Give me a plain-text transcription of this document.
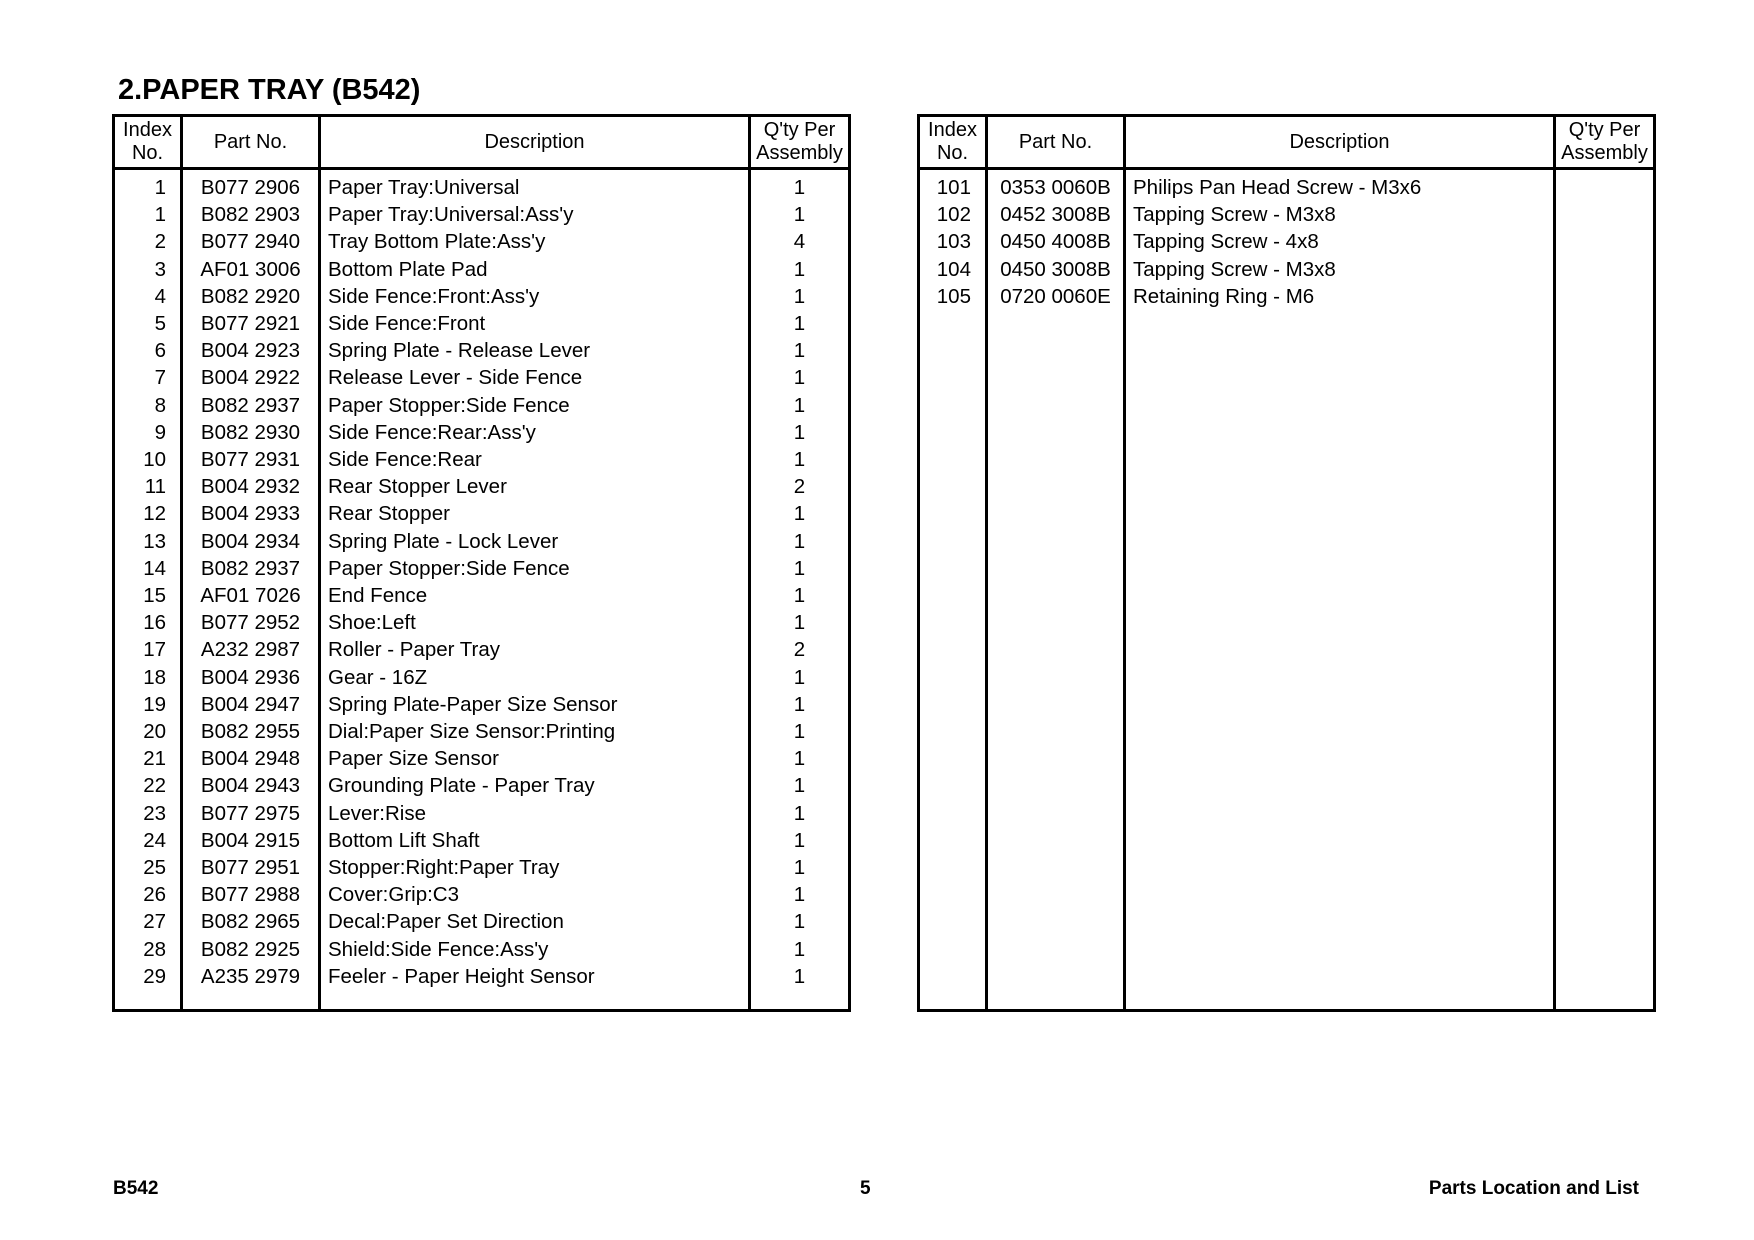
2.PAPER TRAY (B542)
Index
No.	Part No.	Description	Q'ty Per
Assembly
1	B077 2906	Paper Tray:Universal	1
1	B082 2903	Paper Tray:Universal:Ass'y	1
2	B077 2940	Tray Bottom Plate:Ass'y	4
3	AF01 3006	Bottom Plate Pad	1
4	B082 2920	Side Fence:Front:Ass'y	1
5	B077 2921	Side Fence:Front	1
6	B004 2923	Spring Plate - Release Lever	1
7	B004 2922	Release Lever - Side Fence	1
8	B082 2937	Paper Stopper:Side Fence	1
9	B082 2930	Side Fence:Rear:Ass'y	1
10	B077 2931	Side Fence:Rear	1
11	B004 2932	Rear Stopper Lever	2
12	B004 2933	Rear Stopper	1
13	B004 2934	Spring Plate - Lock Lever	1
14	B082 2937	Paper Stopper:Side Fence	1
15	AF01 7026	End Fence	1
16	B077 2952	Shoe:Left	1
17	A232 2987	Roller - Paper Tray	2
18	B004 2936	Gear - 16Z	1
19	B004 2947	Spring Plate-Paper Size Sensor	1
20	B082 2955	Dial:Paper Size Sensor:Printing	1
21	B004 2948	Paper Size Sensor	1
22	B004 2943	Grounding Plate - Paper Tray	1
23	B077 2975	Lever:Rise	1
24	B004 2915	Bottom Lift Shaft	1
25	B077 2951	Stopper:Right:Paper Tray	1
26	B077 2988	Cover:Grip:C3	1
27	B082 2965	Decal:Paper Set Direction	1
28	B082 2925	Shield:Side Fence:Ass'y	1
29	A235 2979	Feeler - Paper Height Sensor	1

Index
No.	Part No.	Description	Q'ty Per
Assembly
101	0353 0060B	Philips Pan Head Screw - M3x6	
102	0452 3008B	Tapping Screw - M3x8	
103	0450 4008B	Tapping Screw - 4x8	
104	0450 3008B	Tapping Screw - M3x8	
105	0720 0060E	Retaining Ring - M6	

B542	5	Parts Location and List
